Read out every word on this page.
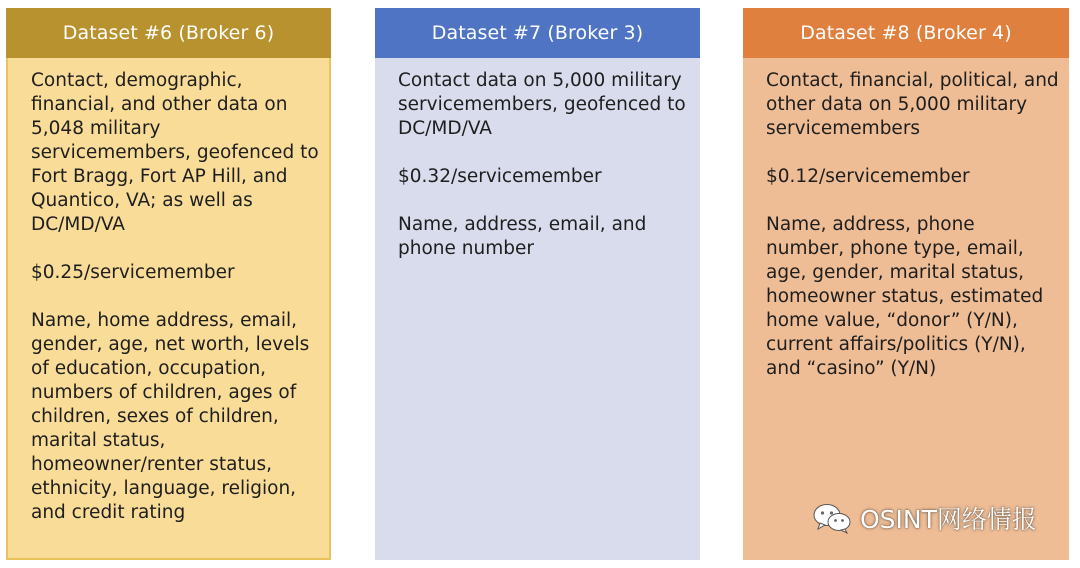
Dataset #6 (Broker 6)

Contact, demographic,
financial, and other data on
5,048 military
servicemembers, geofenced to
Fort Bragg, Fort AP Hill, and
Quantico, VA; as well as
DC/MD/VA

$0.25/servicemember

Name, home address, email,
gender, age, net worth, levels
of education, occupation,
numbers of children, ages of
children, sexes of children,
marital status,
homeowner/renter status,
ethnicity, language, religion,
and credit rating

Dataset #7 (Broker 3)

Contact data on 5,000 military
servicemembers, geofenced to
DC/MD/VA

$0.32/servicemember

Name, address, email, and
phone number

Dataset #8 (Broker 4)

Contact, financial, political, and
other data on 5,000 military
servicemembers

$0.12/servicemember

Name, address, phone
number, phone type, email,
age, gender, marital status,
homeowner status, estimated
home value, “donor” (Y/N),
current affairs/politics (Y/N),
and “casino” (Y/N)

OSINT网络情报
